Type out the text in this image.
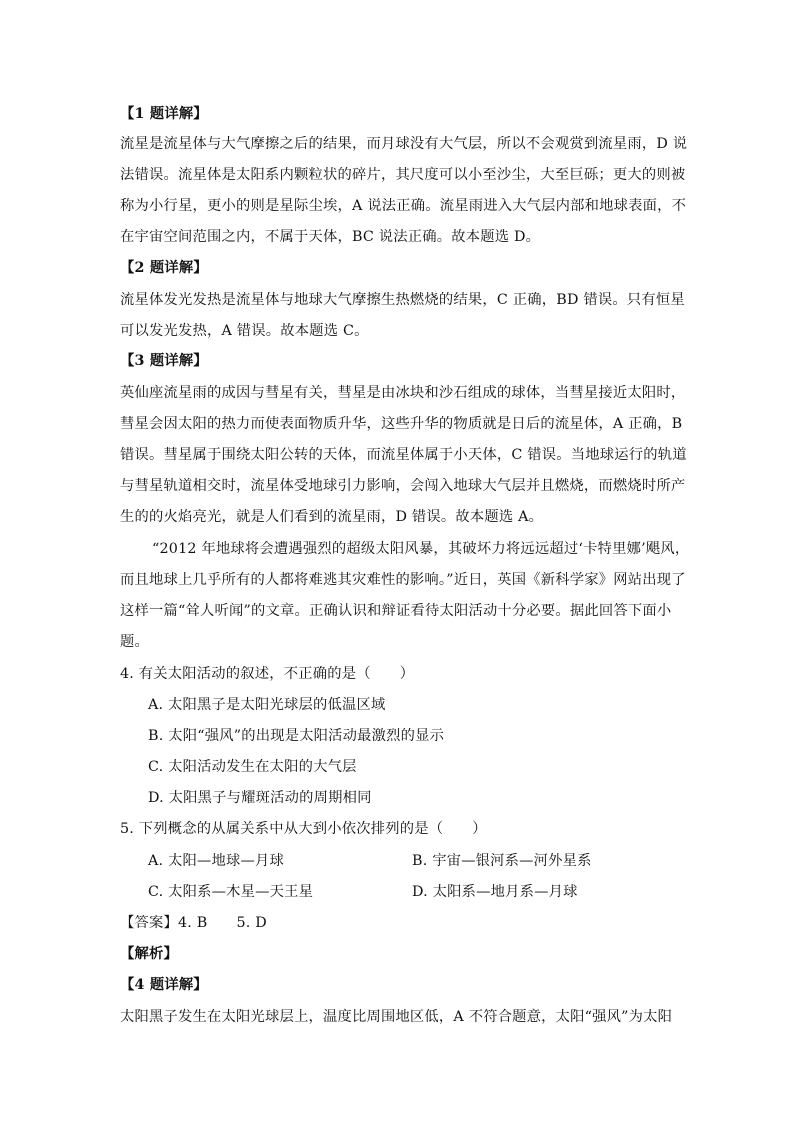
【1 题详解】
流星是流星体与大气摩擦之后的结果，而月球没有大气层，所以不会观赏到流星雨，D 说
法错误。流星体是太阳系内颗粒状的碎片，其尺度可以小至沙尘，大至巨砾；更大的则被
称为小行星，更小的则是星际尘埃，A 说法正确。流星雨进入大气层内部和地球表面，不
在宇宙空间范围之内，不属于天体，BC 说法正确。故本题选 D。
【2 题详解】
流星体发光发热是流星体与地球大气摩擦生热燃烧的结果，C 正确，BD 错误。只有恒星
可以发光发热，A 错误。故本题选 C。
【3 题详解】
英仙座流星雨的成因与彗星有关，彗星是由冰块和沙石组成的球体，当彗星接近太阳时，
彗星会因太阳的热力而使表面物质升华，这些升华的物质就是日后的流星体，A 正确，B
错误。彗星属于围绕太阳公转的天体，而流星体属于小天体，C 错误。当地球运行的轨道
与彗星轨道相交时，流星体受地球引力影响，会闯入地球大气层并且燃烧，而燃烧时所产
生的的火焰亮光，就是人们看到的流星雨，D 错误。故本题选 A。
“2012 年地球将会遭遇强烈的超级太阳风暴，其破坏力将远远超过‘卡特里娜’飓风，
而且地球上几乎所有的人都将难逃其灾难性的影响。”近日，英国《新科学家》网站出现了
这样一篇“耸人听闻”的文章。正确认识和辩证看待太阳活动十分必要。据此回答下面小
题。
4. 有关太阳活动的叙述，不正确的是（　　）
A. 太阳黑子是太阳光球层的低温区域
B. 太阳“强风”的出现是太阳活动最激烈的显示
C. 太阳活动发生在太阳的大气层
D. 太阳黑子与耀斑活动的周期相同
5. 下列概念的从属关系中从大到小依次排列的是（　　）
A. 太阳—地球—月球	B. 宇宙—银河系—河外星系
C. 太阳系—木星—天王星	D. 太阳系—地月系—月球
【答案】4. B　　5. D
【解析】
【4 题详解】
太阳黑子发生在太阳光球层上，温度比周围地区低，A 不符合题意，太阳“强风”为太阳
